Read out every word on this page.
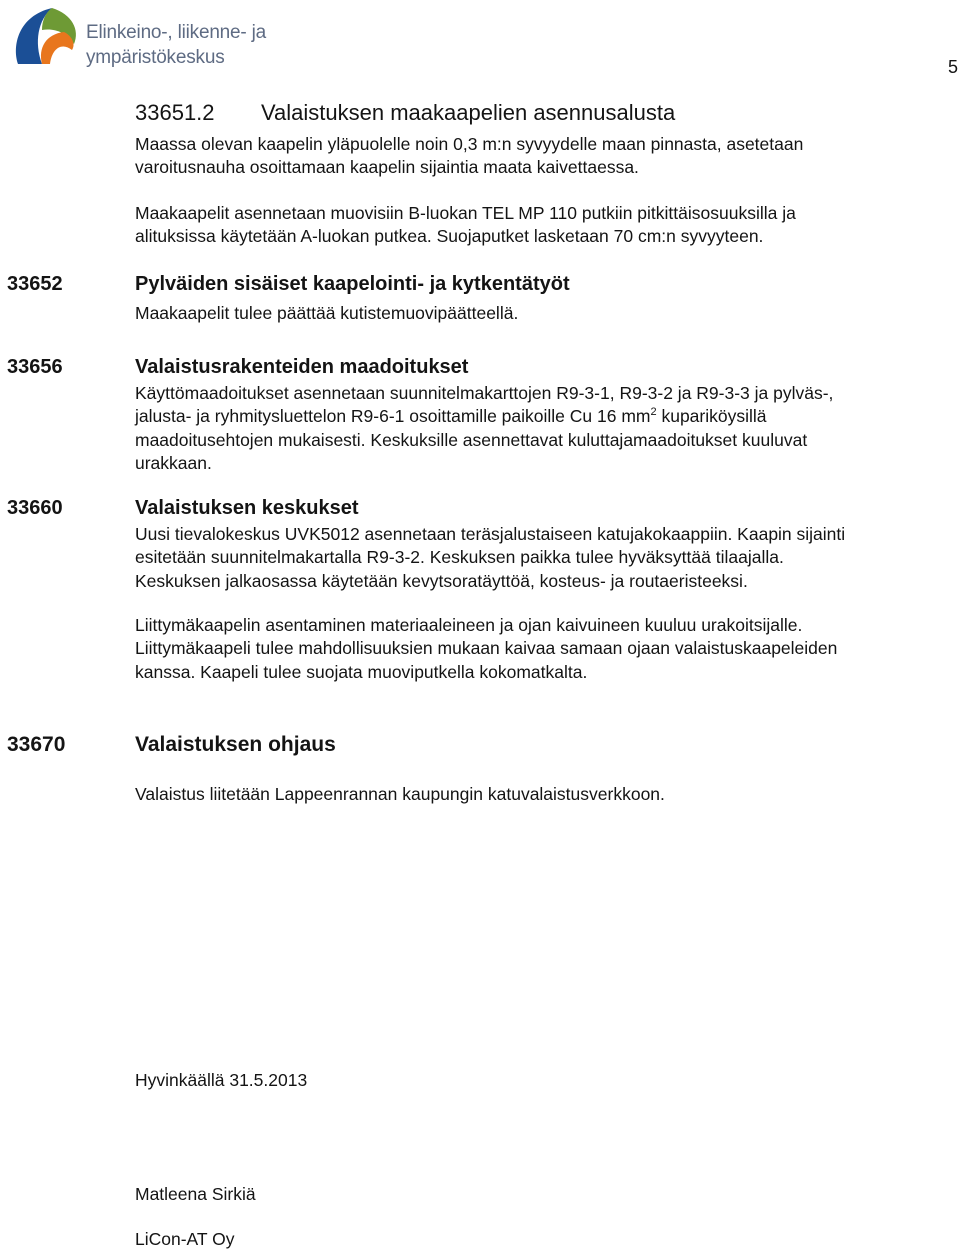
Elinkeino-, liikenne- ja
ympäristökeskus	5
33651.2 Valaistuksen maakaapelien asennusalusta
Maassa olevan kaapelin yläpuolelle noin 0,3 m:n syvyydelle maan pinnasta, asetetaan
varoitusnauha osoittamaan kaapelin sijaintia maata kaivettaessa.
Maakaapelit asennetaan muovisiin B-luokan TEL MP 110 putkiin pitkittäisosuuksilla ja
alituksissa käytetään A-luokan putkea. Suojaputket lasketaan 70 cm:n syvyyteen.
33652	Pylväiden sisäiset kaapelointi- ja kytkentätyöt
Maakaapelit tulee päättää kutistemuovipäätteellä.
33656	Valaistusrakenteiden maadoitukset
Käyttömaadoitukset asennetaan suunnitelmakarttojen R9-3-1, R9-3-2 ja R9-3-3 ja pylväs-,
jalusta- ja ryhmitysluettelon R9-6-1 osoittamille paikoille Cu 16 $mm^2$ kupariköysillä
maadoitusehtojen mukaisesti. Keskuksille asennettavat kuluttajamaadoitukset kuuluvat
urakkaan.
33660	Valaistuksen keskukset
Uusi tievalokeskus UVK5012 asennetaan teräsjalustaiseen katujakokaappiin. Kaapin sijainti
esitetään suunnitelmakartalla R9-3-2. Keskuksen paikka tulee hyväksyttää tilaajalla.
Keskuksen jalkaosassa käytetään kevytsoratäyttöä, kosteus- ja routaeristeeksi.
Liittymäkaapelin asentaminen materiaaleineen ja ojan kaivuineen kuuluu urakoitsijalle.
Liittymäkaapeli tulee mahdollisuuksien mukaan kaivaa samaan ojaan valaistuskaapeleiden
kanssa. Kaapeli tulee suojata muoviputkella kokomatkalta.
33670	Valaistuksen ohjaus
Valaistus liitetään Lappeenrannan kaupungin katuvalaistusverkkoon.
Hyvinkäällä 31.5.2013
Matleena Sirkiä
LiCon-AT Oy
